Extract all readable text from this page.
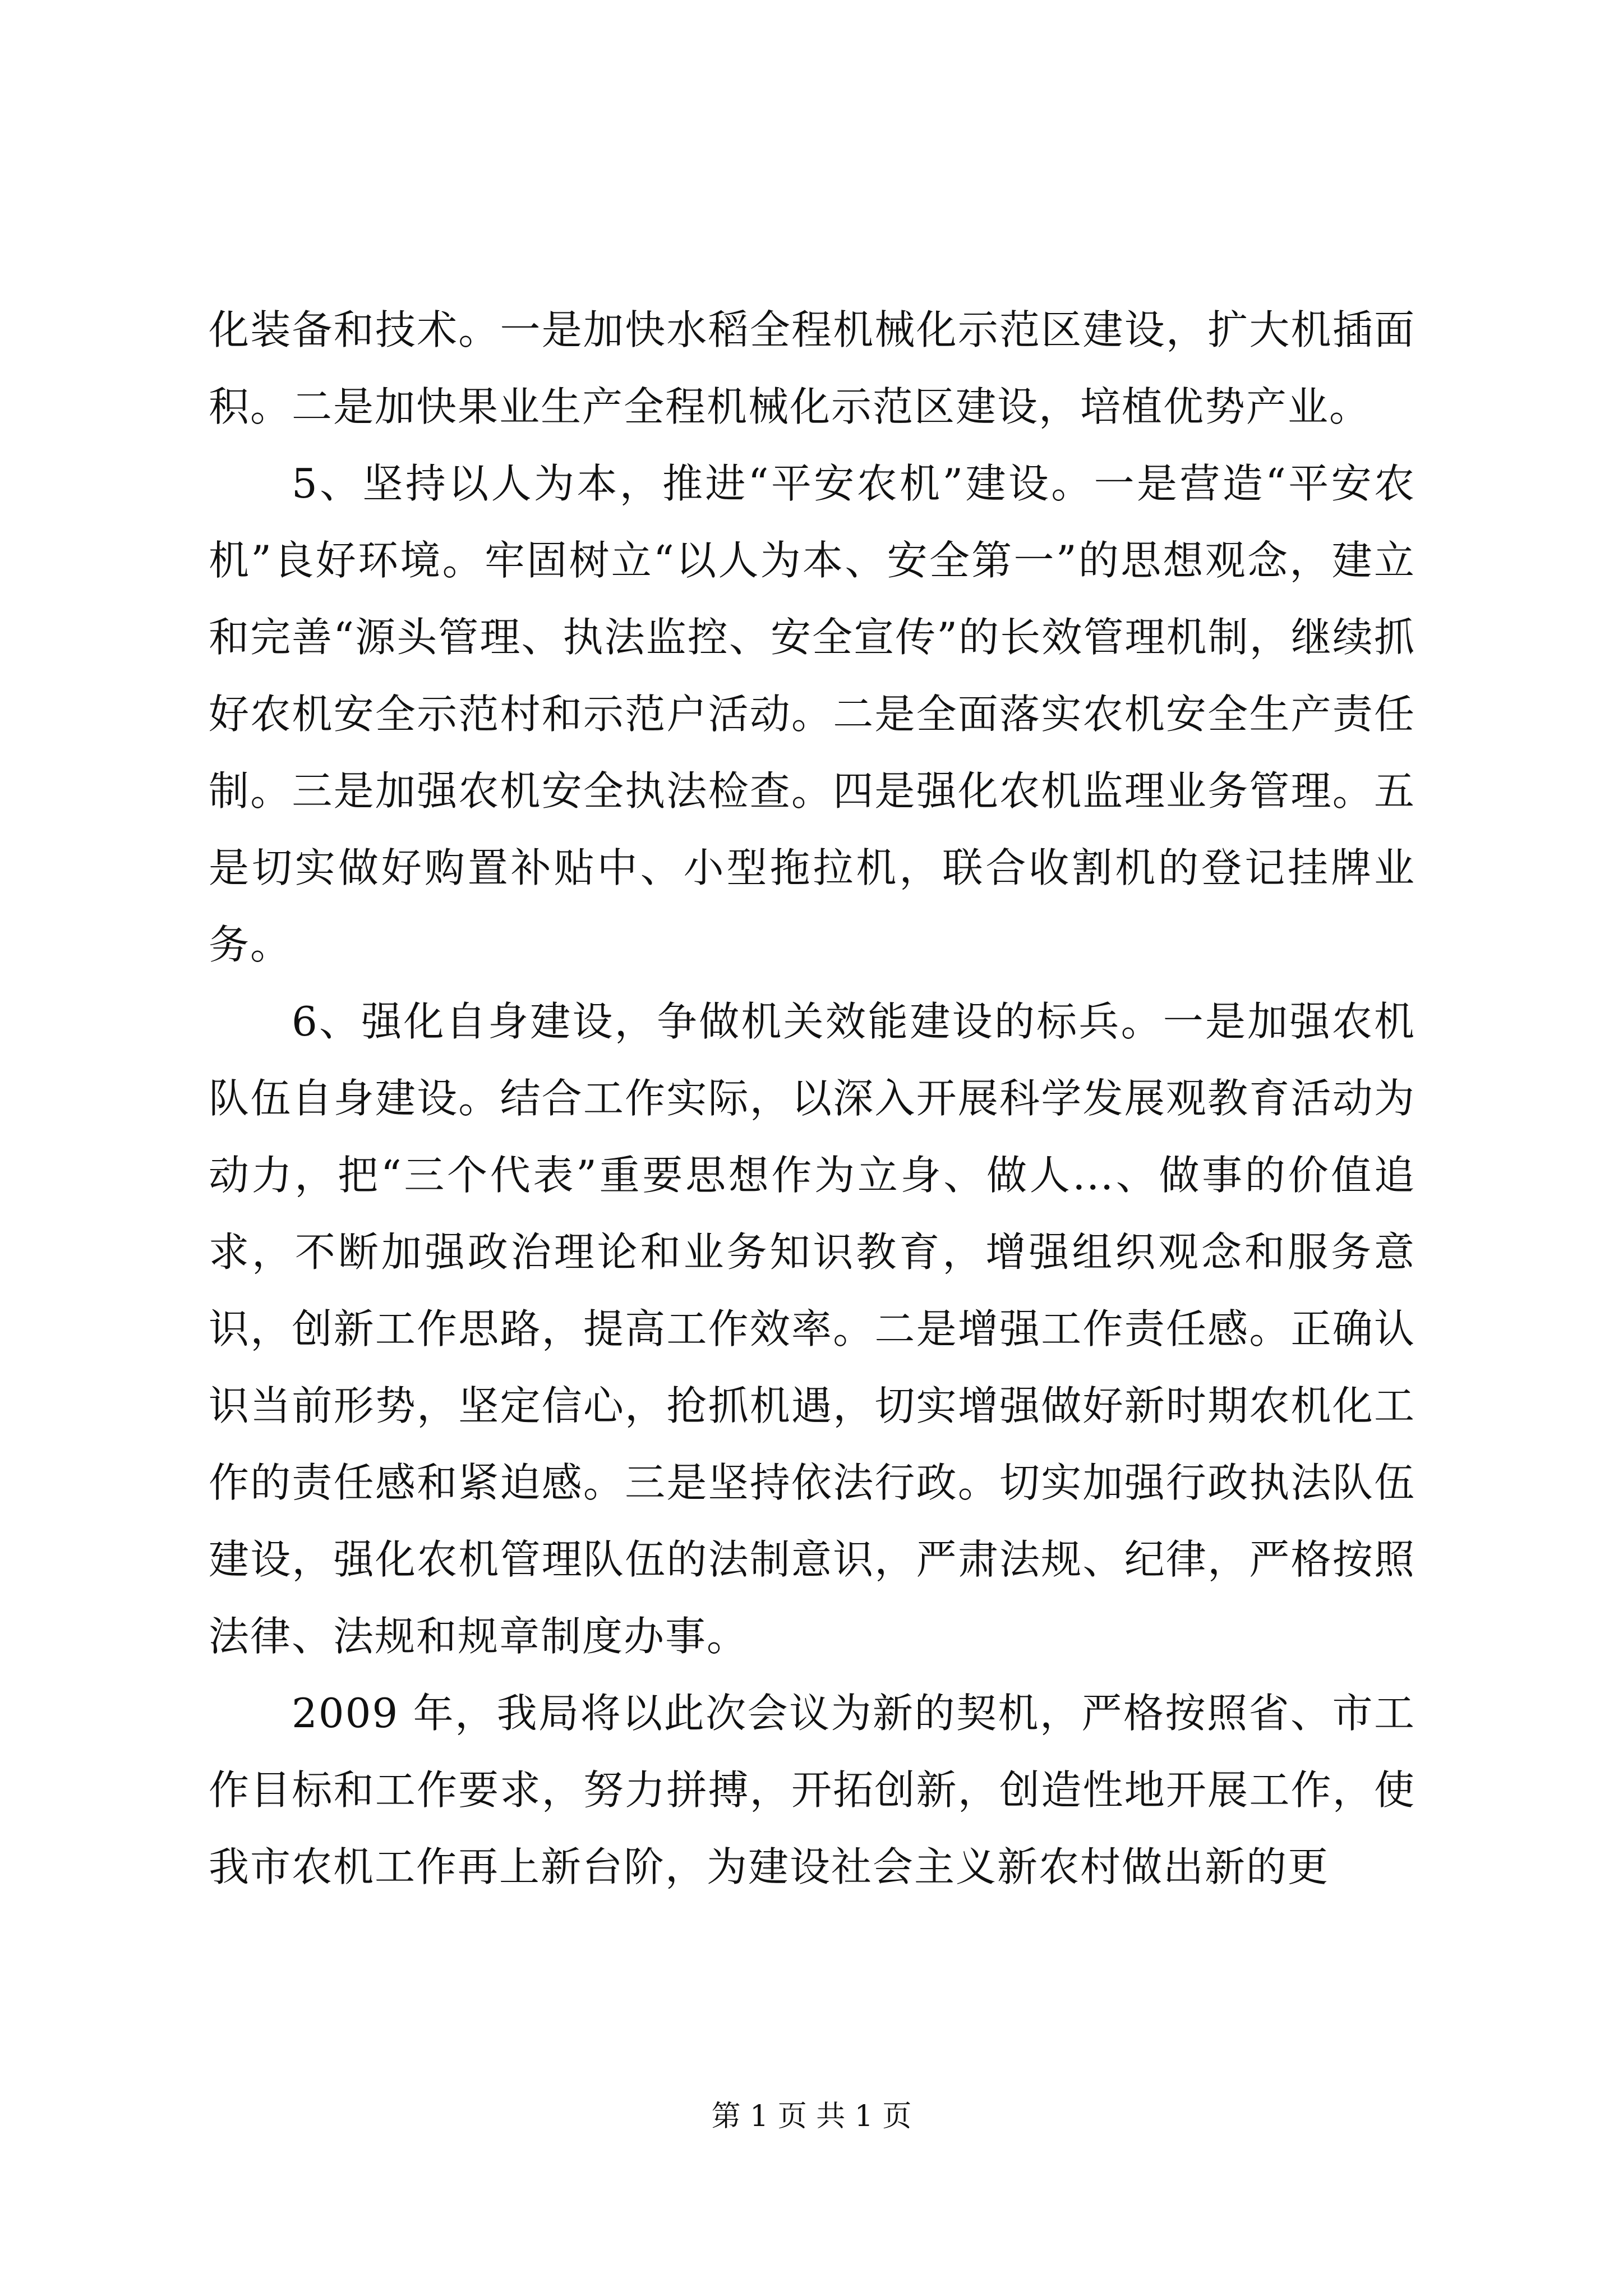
化装备和技术。一是加快水稻全程机械化示范区建设，扩大机插面积。二是加快果业生产全程机械化示范区建设，培植优势产业。

5、坚持以人为本，推进“平安农机”建设。一是营造“平安农机”良好环境。牢固树立“以人为本、安全第一”的思想观念，建立和完善“源头管理、执法监控、安全宣传”的长效管理机制，继续抓好农机安全示范村和示范户活动。二是全面落实农机安全生产责任制。三是加强农机安全执法检查。四是强化农机监理业务管理。五是切实做好购置补贴中、小型拖拉机，联合收割机的登记挂牌业务。

6、强化自身建设，争做机关效能建设的标兵。一是加强农机队伍自身建设。结合工作实际，以深入开展科学发展观教育活动为动力，把“三个代表”重要思想作为立身、做人...、做事的价值追求，不断加强政治理论和业务知识教育，增强组织观念和服务意识，创新工作思路，提高工作效率。二是增强工作责任感。正确认识当前形势，坚定信心，抢抓机遇，切实增强做好新时期农机化工作的责任感和紧迫感。三是坚持依法行政。切实加强行政执法队伍建设，强化农机管理队伍的法制意识，严肃法规、纪律，严格按照法律、法规和规章制度办事。

2009 年，我局将以此次会议为新的契机，严格按照省、市工作目标和工作要求，努力拼搏，开拓创新，创造性地开展工作，使我市农机工作再上新台阶，为建设社会主义新农村做出新的更

第 1 页 共 1 页
